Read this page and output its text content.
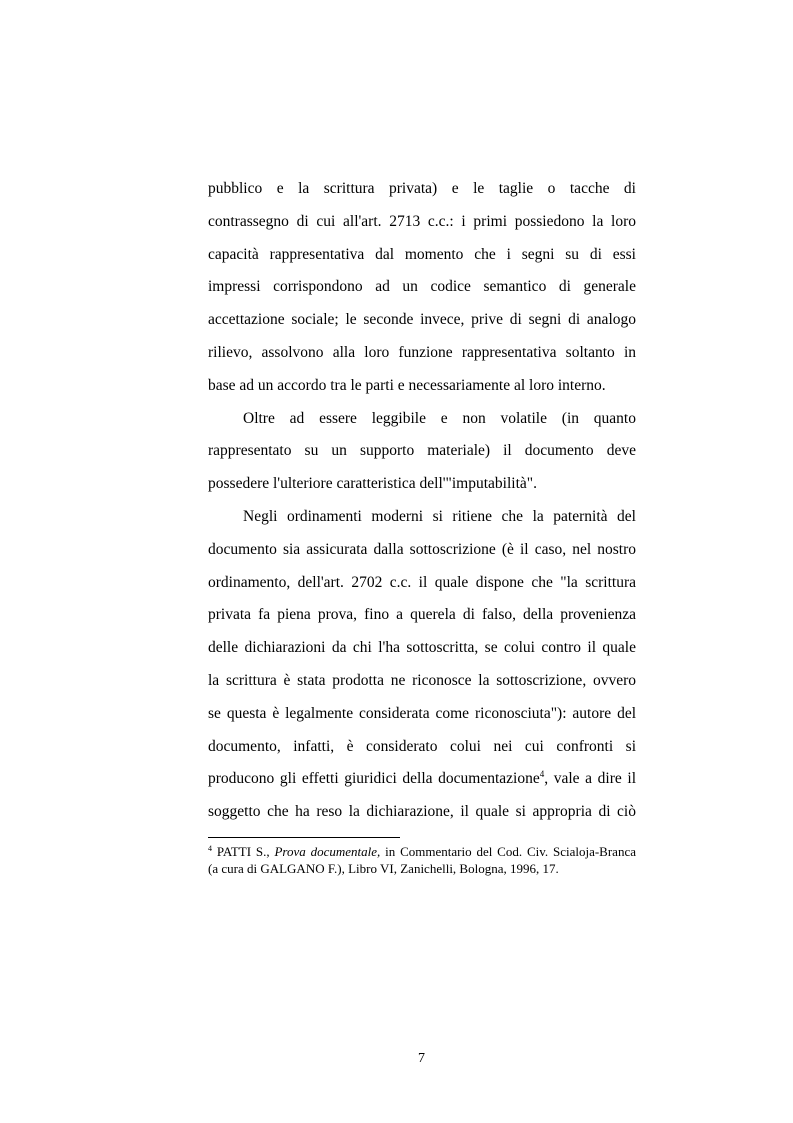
pubblico e la scrittura privata) e le taglie o tacche di
contrassegno di cui all'art. 2713 c.c.: i primi possiedono la loro
capacità rappresentativa dal momento che i segni su di essi
impressi corrispondono ad un codice semantico di generale
accettazione sociale; le seconde invece, prive di segni di analogo
rilievo, assolvono alla loro funzione rappresentativa soltanto in
base ad un accordo tra le parti e necessariamente al loro interno.
Oltre ad essere leggibile e non volatile (in quanto
rappresentato su un supporto materiale) il documento deve
possedere l'ulteriore caratteristica dell'"imputabilità".
Negli ordinamenti moderni si ritiene che la paternità del
documento sia assicurata dalla sottoscrizione (è il caso, nel nostro
ordinamento, dell'art. 2702 c.c. il quale dispone che "la scrittura
privata fa piena prova, fino a querela di falso, della provenienza
delle dichiarazioni da chi l'ha sottoscritta, se colui contro il quale
la scrittura è stata prodotta ne riconosce la sottoscrizione, ovvero
se questa è legalmente considerata come riconosciuta"): autore del
documento, infatti, è considerato colui nei cui confronti si
producono gli effetti giuridici della documentazione$^4$, vale a dire il
soggetto che ha reso la dichiarazione, il quale si appropria di ciò
$^4$ PATTI S., Prova documentale, in Commentario del Cod. Civ. Scialoja-Branca
(a cura di GALGANO F.), Libro VI, Zanichelli, Bologna, 1996, 17.
7
